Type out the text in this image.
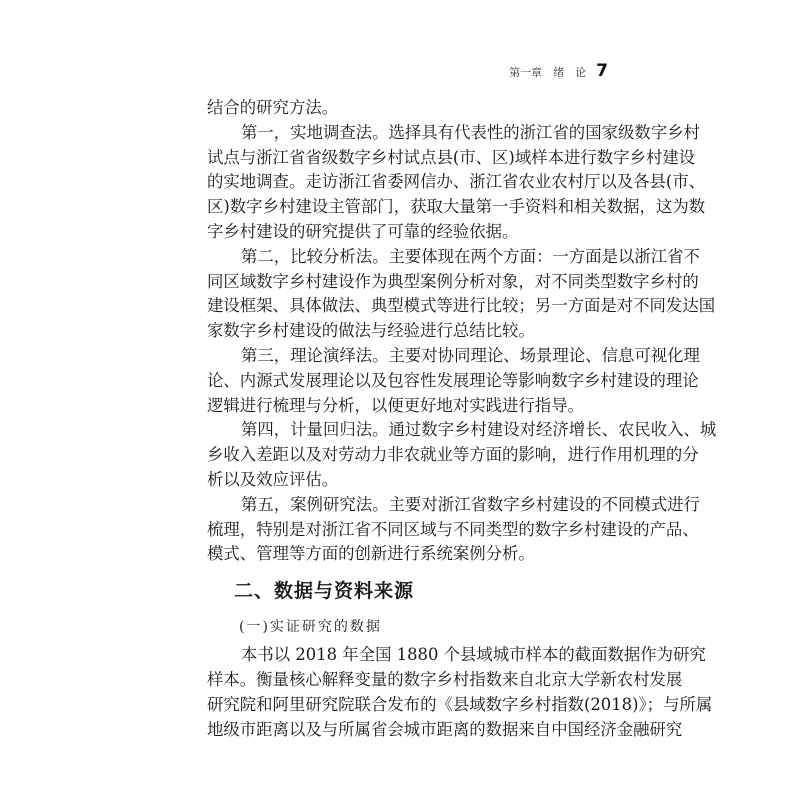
第一章　绪　论 7
结合的研究方法。
第一，实地调查法。选择具有代表性的浙江省的国家级数字乡村
试点与浙江省省级数字乡村试点县(市、区)域样本进行数字乡村建设
的实地调查。走访浙江省委网信办、浙江省农业农村厅以及各县(市、
区)数字乡村建设主管部门，获取大量第一手资料和相关数据，这为数
字乡村建设的研究提供了可靠的经验依据。
第二，比较分析法。主要体现在两个方面：一方面是以浙江省不
同区域数字乡村建设作为典型案例分析对象，对不同类型数字乡村的
建设框架、具体做法、典型模式等进行比较；另一方面是对不同发达国
家数字乡村建设的做法与经验进行总结比较。
第三，理论演绎法。主要对协同理论、场景理论、信息可视化理
论、内源式发展理论以及包容性发展理论等影响数字乡村建设的理论
逻辑进行梳理与分析，以便更好地对实践进行指导。
第四，计量回归法。通过数字乡村建设对经济增长、农民收入、城
乡收入差距以及对劳动力非农就业等方面的影响，进行作用机理的分
析以及效应评估。
第五，案例研究法。主要对浙江省数字乡村建设的不同模式进行
梳理，特别是对浙江省不同区域与不同类型的数字乡村建设的产品、
模式、管理等方面的创新进行系统案例分析。
二、数据与资料来源
(一)实证研究的数据
本书以 2018 年全国 1880 个县域城市样本的截面数据作为研究
样本。衡量核心解释变量的数字乡村指数来自北京大学新农村发展
研究院和阿里研究院联合发布的《县域数字乡村指数(2018)》；与所属
地级市距离以及与所属省会城市距离的数据来自中国经济金融研究
